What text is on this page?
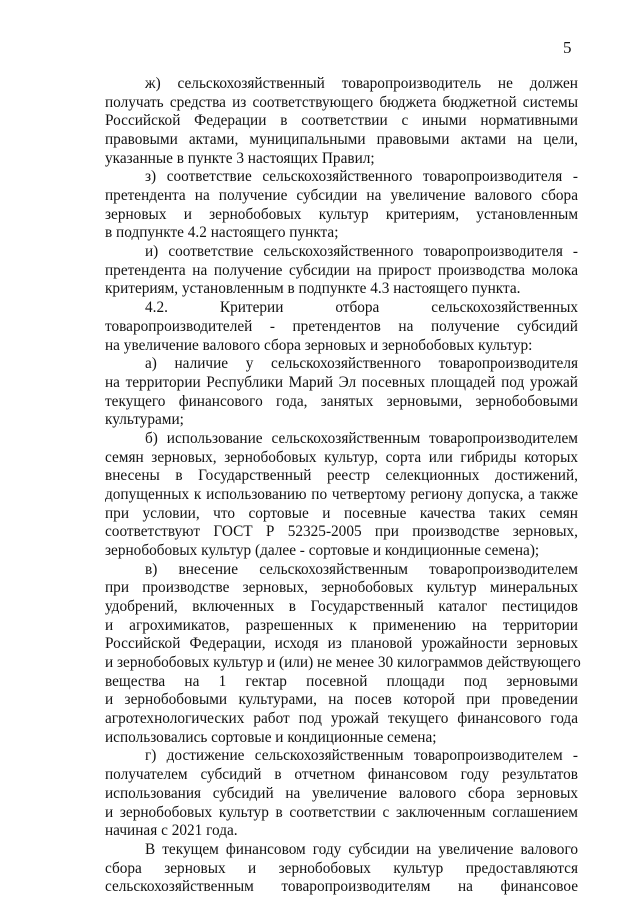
5
ж) сельскохозяйственный товаропроизводитель не должен
получать средства из соответствующего бюджета бюджетной системы
Российской Федерации в соответствии с иными нормативными
правовыми актами, муниципальными правовыми актами на цели,
указанные в пункте 3 настоящих Правил;
з) соответствие сельскохозяйственного товаропроизводителя -
претендента на получение субсидии на увеличение валового сбора
зерновых и зернобобовых культур критериям, установленным
в подпункте 4.2 настоящего пункта;
и) соответствие сельскохозяйственного товаропроизводителя -
претендента на получение субсидии на прирост производства молока
критериям, установленным в подпункте 4.3 настоящего пункта.
4.2. Критерии отбора сельскохозяйственных
товаропроизводителей - претендентов на получение субсидий
на увеличение валового сбора зерновых и зернобобовых культур:
а) наличие у сельскохозяйственного товаропроизводителя
на территории Республики Марий Эл посевных площадей под урожай
текущего финансового года, занятых зерновыми, зернобобовыми
культурами;
б) использование сельскохозяйственным товаропроизводителем
семян зерновых, зернобобовых культур, сорта или гибриды которых
внесены в Государственный реестр селекционных достижений,
допущенных к использованию по четвертому региону допуска, а также
при условии, что сортовые и посевные качества таких семян
соответствуют ГОСТ Р 52325-2005 при производстве зерновых,
зернобобовых культур (далее - сортовые и кондиционные семена);
в) внесение сельскохозяйственным товаропроизводителем
при производстве зерновых, зернобобовых культур минеральных
удобрений, включенных в Государственный каталог пестицидов
и агрохимикатов, разрешенных к применению на территории
Российской Федерации, исходя из плановой урожайности зерновых
и зернобобовых культур и (или) не менее 30 килограммов действующего
вещества на 1 гектар посевной площади под зерновыми
и зернобобовыми культурами, на посев которой при проведении
агротехнологических работ под урожай текущего финансового года
использовались сортовые и кондиционные семена;
г) достижение сельскохозяйственным товаропроизводителем -
получателем субсидий в отчетном финансовом году результатов
использования субсидий на увеличение валового сбора зерновых
и зернобобовых культур в соответствии с заключенным соглашением
начиная с 2021 года.
В текущем финансовом году субсидии на увеличение валового
сбора зерновых и зернобобовых культур предоставляются
сельскохозяйственным товаропроизводителям на финансовое
